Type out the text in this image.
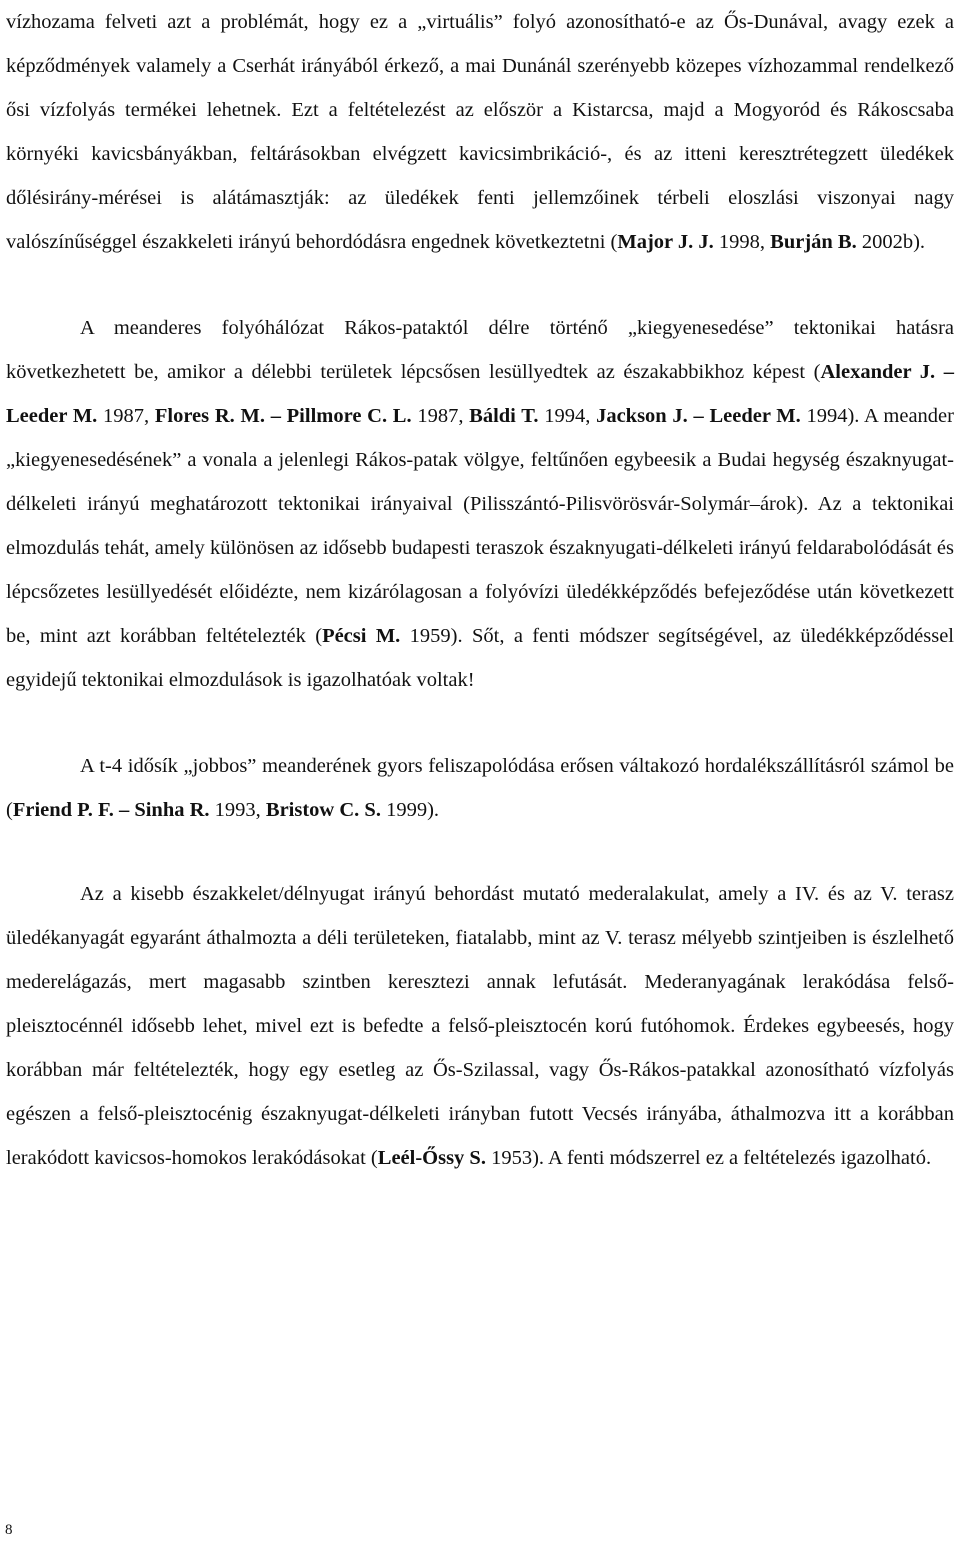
vízhozama felveti azt a problémát, hogy ez a „virtuális” folyó azonosítható-e az Ős-Dunával, avagy ezek a képződmények valamely a Cserhát irányából érkező, a mai Dunánál szerényebb közepes vízhozammal rendelkező ősi vízfolyás termékei lehetnek. Ezt a feltételezést az először a Kistarcsa, majd a Mogyoród és Rákoscsaba környéki kavicsbányákban, feltárásokban elvégzett kavicsimbrikáció-, és az itteni keresztrétegzett üledékek dőlésirány-mérései is alátámasztják: az üledékek fenti jellemzőinek térbeli eloszlási viszonyai nagy valószínűséggel északkeleti irányú behordódásra engednek következtetni (Major J. J. 1998, Burján B. 2002b).

A meanderes folyóhálózat Rákos-pataktól délre történő „kiegyenesedése” tektonikai hatásra következhetett be, amikor a délebbi területek lépcsősen lesüllyedtek az északabbikhoz képest (Alexander J. – Leeder M. 1987, Flores R. M. – Pillmore C. L. 1987, Báldi T. 1994, Jackson J. – Leeder M. 1994). A meander „kiegyenesedésének” a vonala a jelenlegi Rákos-patak völgye, feltűnően egybeesik a Budai hegység északnyugat-délkeleti irányú meghatározott tektonikai irányaival (Pilisszántó-Pilisvörösvár-Solymár–árok). Az a tektonikai elmozdulás tehát, amely különösen az idősebb budapesti teraszok északnyugati-délkeleti irányú feldarabolódását és lépcsőzetes lesüllyedését előidézte, nem kizárólagosan a folyóvízi üledékképződés befejeződése után következett be, mint azt korábban feltételezték (Pécsi M. 1959). Sőt, a fenti módszer segítségével, az üledékképződéssel egyidejű tektonikai elmozdulások is igazolhatóak voltak!

A t-4 idősík „jobbos” meanderének gyors feliszapolódása erősen váltakozó hordalékszállításról számol be (Friend P. F. – Sinha R. 1993, Bristow C. S. 1999).

Az a kisebb északkelet/délnyugat irányú behordást mutató mederalakulat, amely a IV. és az V. terasz üledékanyagát egyaránt áthalmozta a déli területeken, fiatalabb, mint az V. terasz mélyebb szintjeiben is észlelhető mederelágazás, mert magasabb szintben keresztezi annak lefutását. Mederanyagának lerakódása felső-pleisztocénnél idősebb lehet, mivel ezt is befedte a felső-pleisztocén korú futóhomok. Érdekes egybeesés, hogy korábban már feltételezték, hogy egy esetleg az Ős-Szilassal, vagy Ős-Rákos-patakkal azonosítható vízfolyás egészen a felső-pleisztocénig északnyugat-délkeleti irányban futott Vecsés irányába, áthalmozva itt a korábban lerakódott kavicsos-homokos lerakódásokat (Leél-Őssy S. 1953). A fenti módszerrel ez a feltételezés igazolható.

8
